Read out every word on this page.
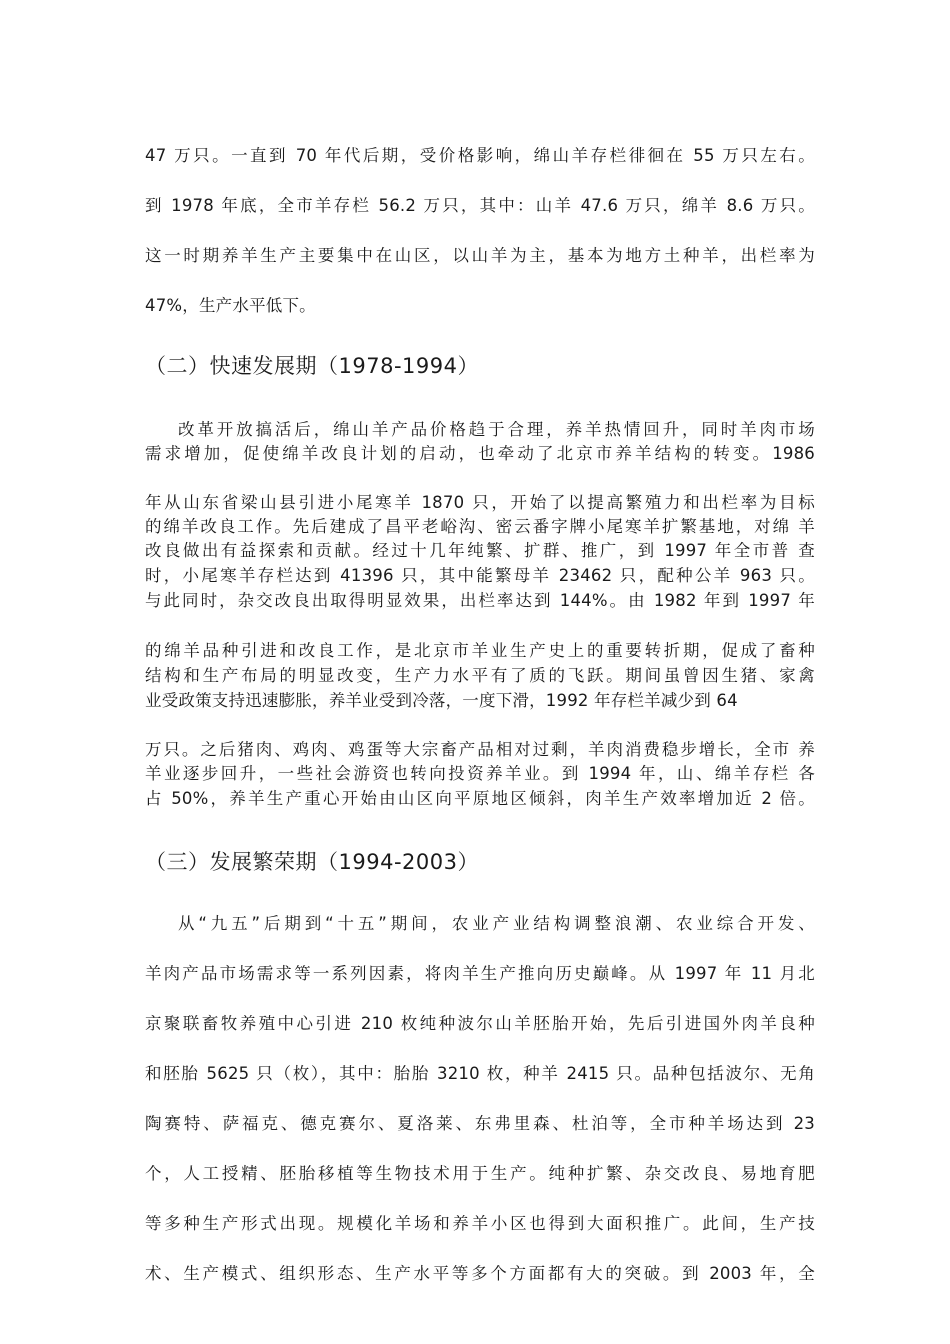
47 万只。一直到 70 年代后期，受价格影响，绵山羊存栏徘徊在 55 万只左右。
到 1978 年底，全市羊存栏 56.2 万只，其中：山羊 47.6 万只，绵羊 8.6 万只。
这一时期养羊生产主要集中在山区，以山羊为主，基本为地方土种羊，出栏率为
47%，生产水平低下。
（二）快速发展期（1978-1994）
改革开放搞活后，绵山羊产品价格趋于合理，养羊热情回升，同时羊肉市场
需求增加，促使绵羊改良计划的启动，也牵动了北京市养羊结构的转变。1986
年从山东省梁山县引进小尾寒羊 1870 只，开始了以提高繁殖力和出栏率为目标
的绵羊改良工作。先后建成了昌平老峪沟、密云番字牌小尾寒羊扩繁基地，对绵 羊
改良做出有益探索和贡献。经过十几年纯繁、扩群、推广，到 1997 年全市普 查
时，小尾寒羊存栏达到 41396 只，其中能繁母羊 23462 只，配种公羊 963 只。
与此同时，杂交改良出取得明显效果，出栏率达到 144%。由 1982 年到 1997 年
的绵羊品种引进和改良工作，是北京市羊业生产史上的重要转折期，促成了畜种
结构和生产布局的明显改变，生产力水平有了质的飞跃。期间虽曾因生猪、家禽
业受政策支持迅速膨胀，养羊业受到冷落，一度下滑，1992 年存栏羊减少到 64
万只。之后猪肉、鸡肉、鸡蛋等大宗畜产品相对过剩，羊肉消费稳步增长，全市 养
羊业逐步回升，一些社会游资也转向投资养羊业。到 1994 年，山、绵羊存栏 各
占 50%，养羊生产重心开始由山区向平原地区倾斜，肉羊生产效率增加近 2 倍。
（三）发展繁荣期（1994-2003）
从“九五”后期到“十五”期间，农业产业结构调整浪潮、农业综合开发、
羊肉产品市场需求等一系列因素，将肉羊生产推向历史巅峰。从 1997 年 11 月北
京聚联畜牧养殖中心引进 210 枚纯种波尔山羊胚胎开始，先后引进国外肉羊良种
和胚胎 5625 只（枚），其中：胎胎 3210 枚，种羊 2415 只。品种包括波尔、无角
陶赛特、萨福克、德克赛尔、夏洛莱、东弗里森、杜泊等，全市种羊场达到 23
个，人工授精、胚胎移植等生物技术用于生产。纯种扩繁、杂交改良、易地育肥
等多种生产形式出现。规模化羊场和养羊小区也得到大面积推广。此间，生产技
术、生产模式、组织形态、生产水平等多个方面都有大的突破。到 2003 年，全
